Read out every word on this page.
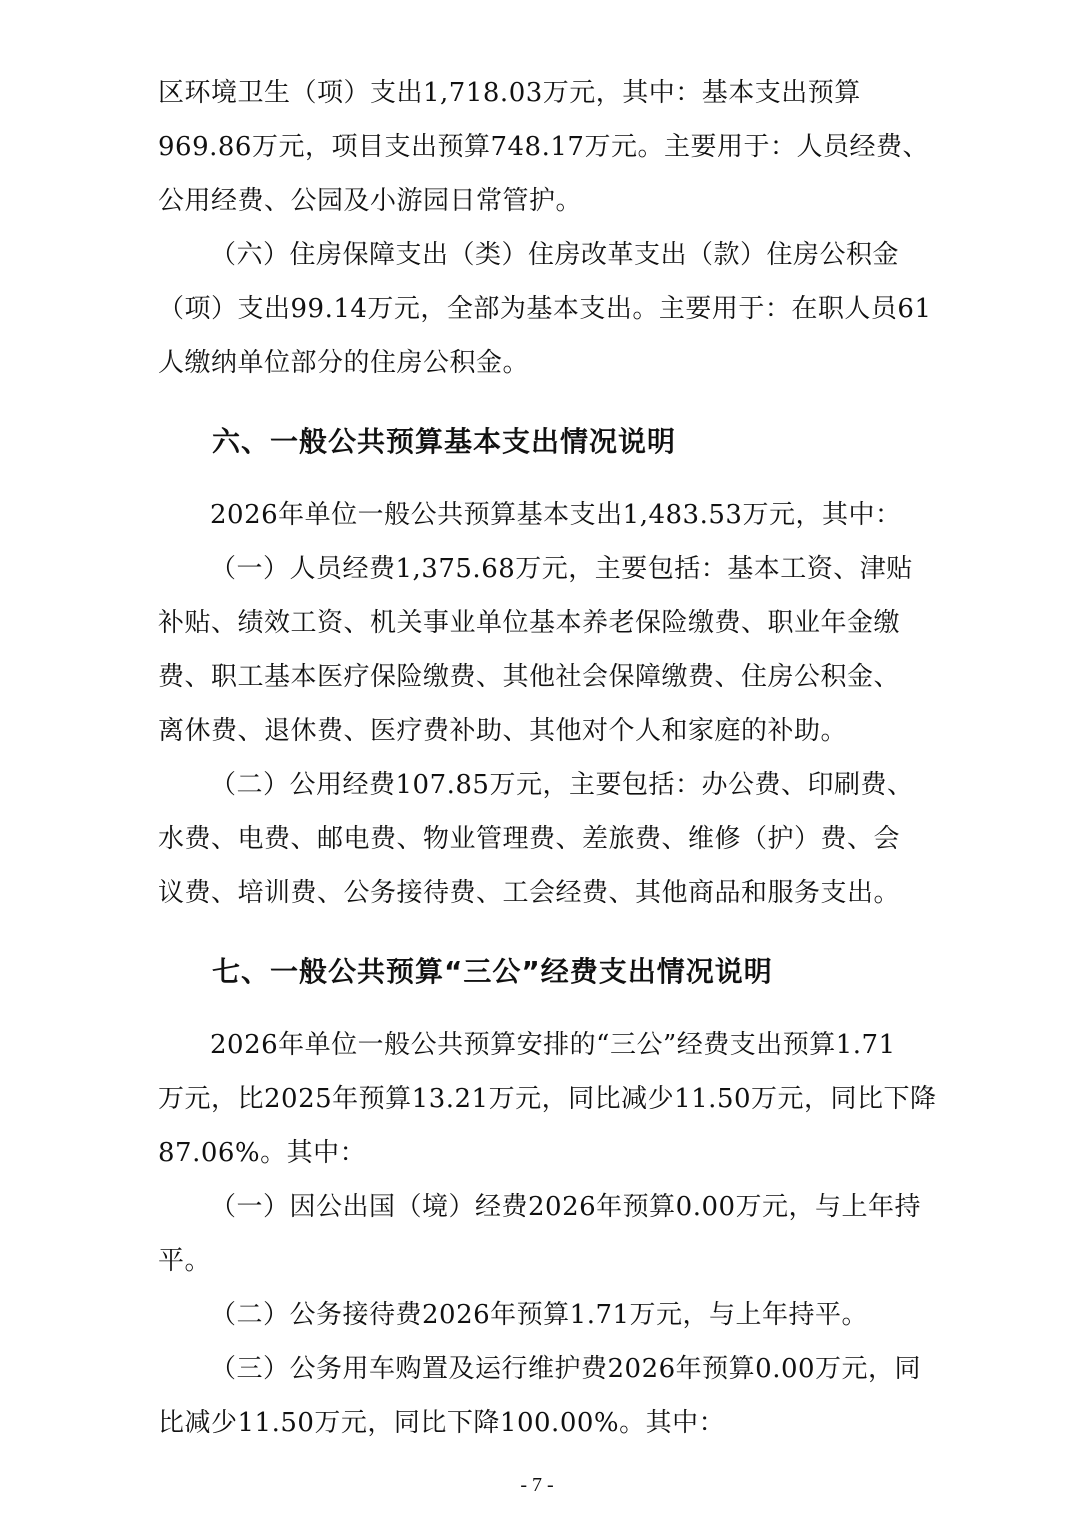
区环境卫生（项）支出1,718.03万元，其中：基本支出预算
969.86万元，项目支出预算748.17万元。主要用于：人员经费、
公用经费、公园及小游园日常管护。
（六）住房保障支出（类）住房改革支出（款）住房公积金
（项）支出99.14万元，全部为基本支出。主要用于：在职人员61
人缴纳单位部分的住房公积金。
六、一般公共预算基本支出情况说明
2026年单位一般公共预算基本支出1,483.53万元，其中：
（一）人员经费1,375.68万元，主要包括：基本工资、津贴
补贴、绩效工资、机关事业单位基本养老保险缴费、职业年金缴
费、职工基本医疗保险缴费、其他社会保障缴费、住房公积金、
离休费、退休费、医疗费补助、其他对个人和家庭的补助。
（二）公用经费107.85万元，主要包括：办公费、印刷费、
水费、电费、邮电费、物业管理费、差旅费、维修（护）费、会
议费、培训费、公务接待费、工会经费、其他商品和服务支出。
七、一般公共预算“三公”经费支出情况说明
2026年单位一般公共预算安排的“三公”经费支出预算1.71
万元，比2025年预算13.21万元，同比减少11.50万元，同比下降
87.06%。其中：
（一）因公出国（境）经费2026年预算0.00万元，与上年持
平。
（二）公务接待费2026年预算1.71万元，与上年持平。
（三）公务用车购置及运行维护费2026年预算0.00万元，同
比减少11.50万元，同比下降100.00%。其中：
- 7 -
